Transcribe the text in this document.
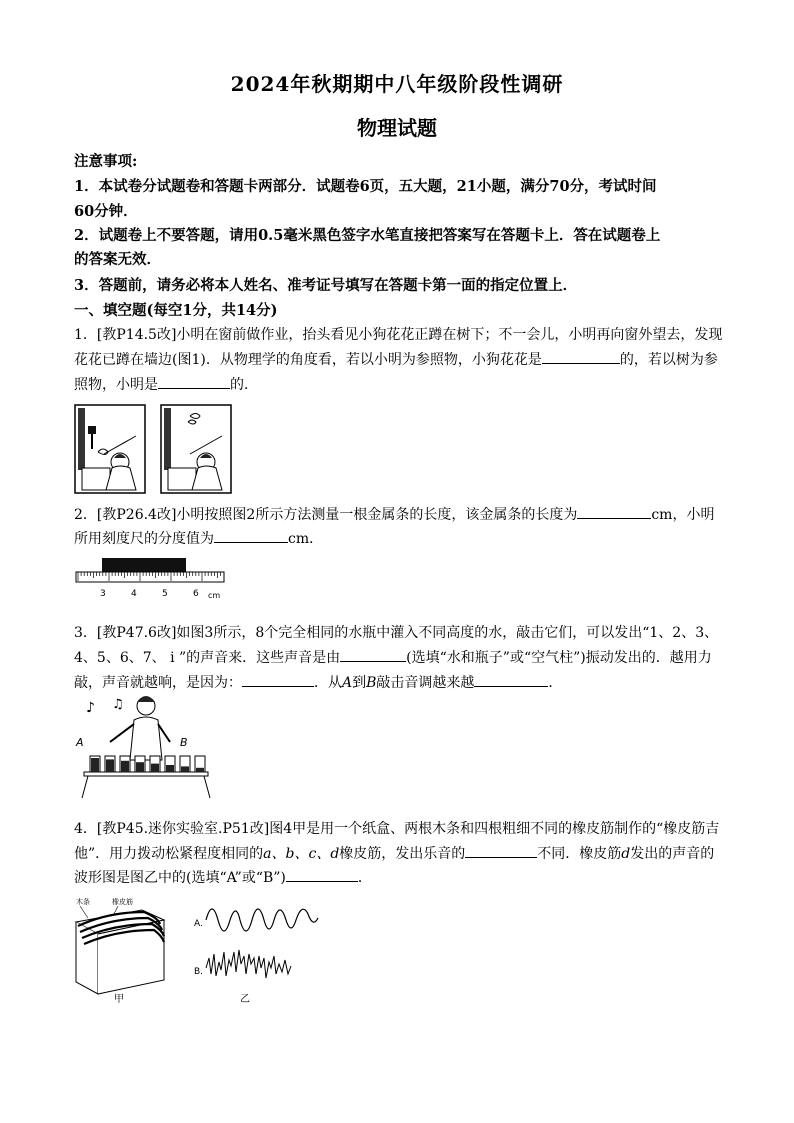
2024年秋期期中八年级阶段性调研
物理试题
注意事项:
1．本试卷分试题卷和答题卡两部分．试题卷6页，五大题，21小题，满分70分，考试时间
60分钟．
2．试题卷上不要答题，请用0.5毫米黑色签字水笔直接把答案写在答题卡上．答在试题卷上
的答案无效．
3．答题前，请务必将本人姓名、准考证号填写在答题卡第一面的指定位置上．
一、填空题(每空1分，共14分)
1．[教P14.5改]小明在窗前做作业，抬头看见小狗花花正蹲在树下；不一会儿，小明再向窗外望去，发现
花花已蹲在墙边(图1)．从物理学的角度看，若以小明为参照物，小狗花花是	的，若以树为参
照物，小明是	的．
2．[教P26.4改]小明按照图2所示方法测量一根金属条的长度，该金属条的长度为	cm，小明
所用刻度尺的分度值为	cm．
3	4	5	6 cm
3．[教P47.6改]如图3所示，8个完全相同的水瓶中灌入不同高度的水，敲击它们，可以发出“1、2、3、
4、5、6、7、 i ”的声音来．这些声音是由	(选填“水和瓶子”或“空气柱”)振动发出的．越用力
敲，声音就越响，是因为：	．从A到B敲击音调越来越	．
♪ ♫
A	B
4．[教P45.迷你实验室.P51改]图4甲是用一个纸盒、两根木条和四根粗细不同的橡皮筋制作的“橡皮筋吉
他”．用力拨动松紧程度相同的a、b、c、d橡皮筋，发出乐音的	不同．橡皮筋d发出的声音的
波形图是图乙中的(选填“A”或“B”)	．
木条	橡皮筋
甲
A.
B.
乙
